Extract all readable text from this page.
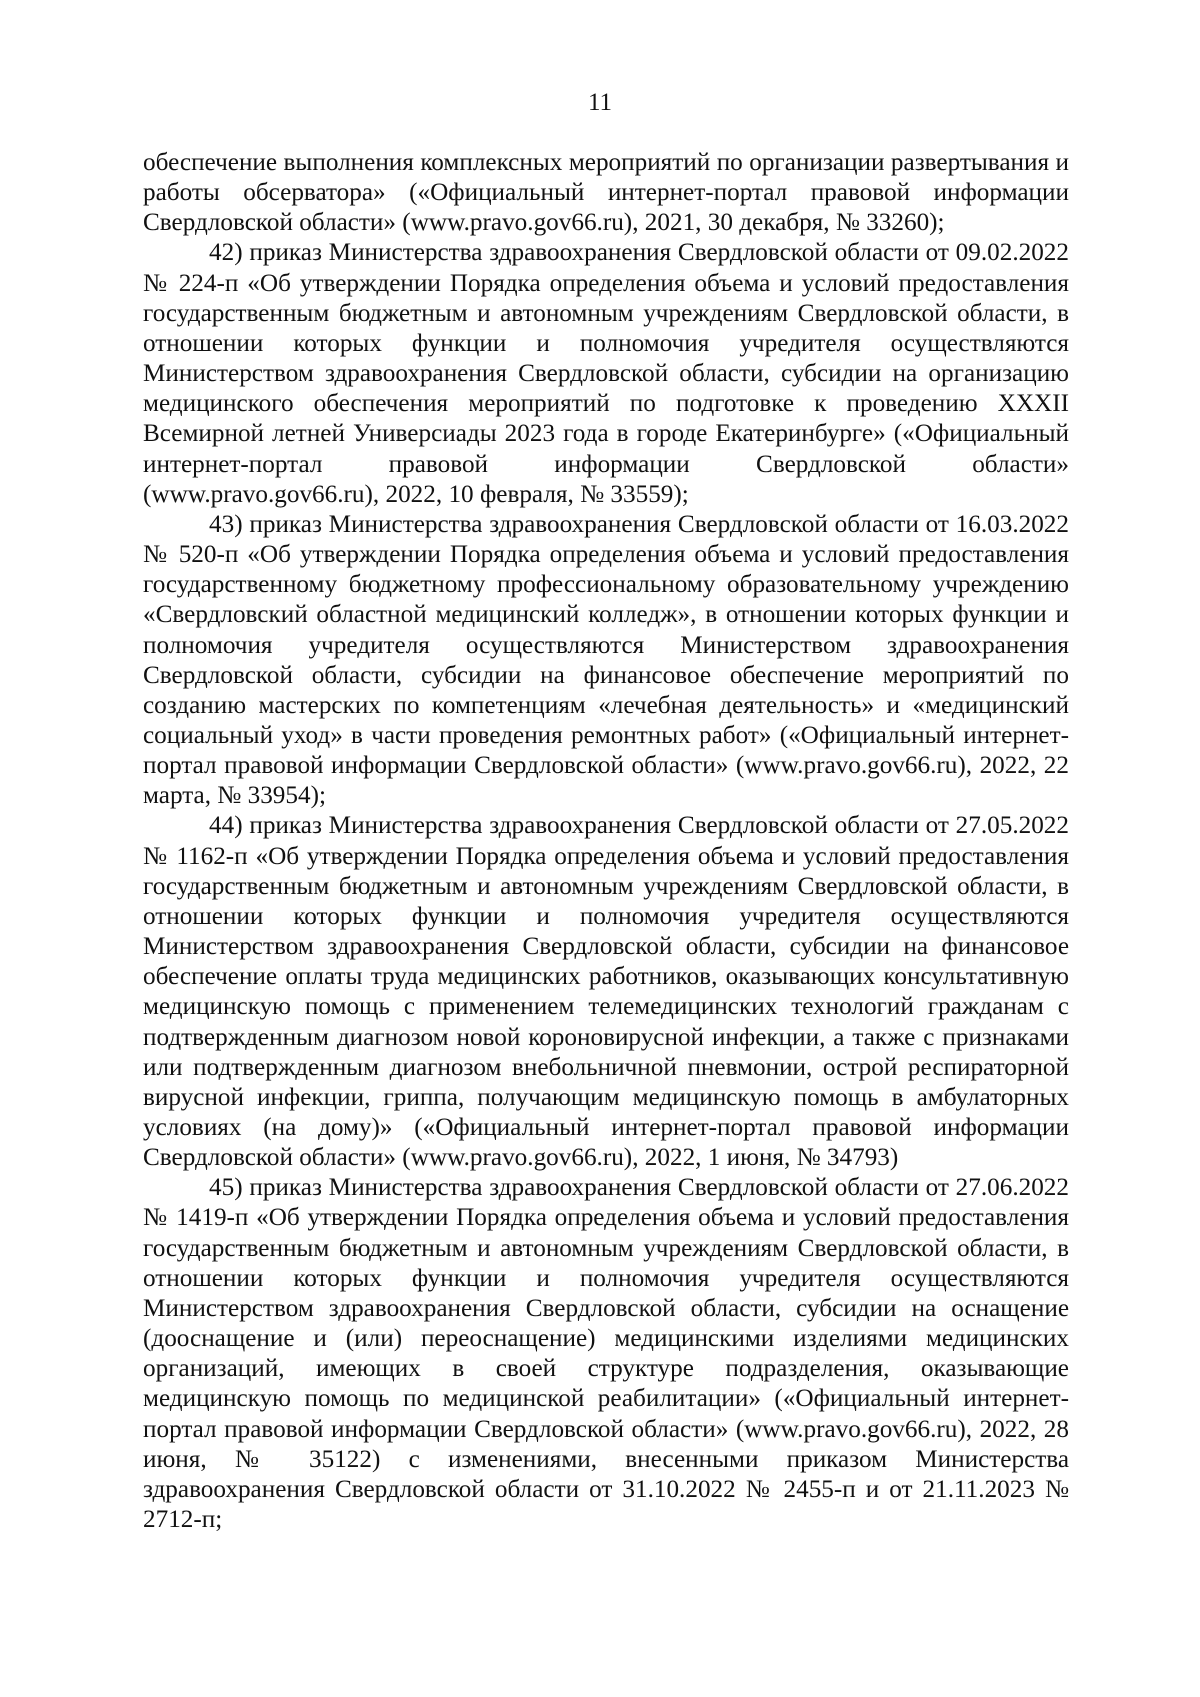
11

обеспечение выполнения комплексных мероприятий по организации развертывания и работы обсерватора» («Официальный интернет-портал правовой информации Свердловской области» (www.pravo.gov66.ru), 2021, 30 декабря, № 33260);

42) приказ Министерства здравоохранения Свердловской области от 09.02.2022 № 224-п «Об утверждении Порядка определения объема и условий предоставления государственным бюджетным и автономным учреждениям Свердловской области, в отношении которых функции и полномочия учредителя осуществляются Министерством здравоохранения Свердловской области, субсидии на организацию медицинского обеспечения мероприятий по подготовке к проведению XXXII Всемирной летней Универсиады 2023 года в городе Екатеринбурге» («Официальный интернет-портал правовой информации Свердловской области» (www.pravo.gov66.ru), 2022, 10 февраля, № 33559);

43) приказ Министерства здравоохранения Свердловской области от 16.03.2022 № 520-п «Об утверждении Порядка определения объема и условий предоставления государственному бюджетному профессиональному образовательному учреждению «Свердловский областной медицинский колледж», в отношении которых функции и полномочия учредителя осуществляются Министерством здравоохранения Свердловской области, субсидии на финансовое обеспечение мероприятий по созданию мастерских по компетенциям «лечебная деятельность» и «медицинский социальный уход» в части проведения ремонтных работ» («Официальный интернет-портал правовой информации Свердловской области» (www.pravo.gov66.ru), 2022, 22 марта, № 33954);

44) приказ Министерства здравоохранения Свердловской области от 27.05.2022 № 1162-п «Об утверждении Порядка определения объема и условий предоставления государственным бюджетным и автономным учреждениям Свердловской области, в отношении которых функции и полномочия учредителя осуществляются Министерством здравоохранения Свердловской области, субсидии на финансовое обеспечение оплаты труда медицинских работников, оказывающих консультативную медицинскую помощь с применением телемедицинских технологий гражданам с подтвержденным диагнозом новой короновирусной инфекции, а также с признаками или подтвержденным диагнозом внебольничной пневмонии, острой респираторной вирусной инфекции, гриппа, получающим медицинскую помощь в амбулаторных условиях (на дому)» («Официальный интернет-портал правовой информации Свердловской области» (www.pravo.gov66.ru), 2022, 1 июня, № 34793)

45) приказ Министерства здравоохранения Свердловской области от 27.06.2022 № 1419-п «Об утверждении Порядка определения объема и условий предоставления государственным бюджетным и автономным учреждениям Свердловской области, в отношении которых функции и полномочия учредителя осуществляются Министерством здравоохранения Свердловской области, субсидии на оснащение (дооснащение и (или) переоснащение) медицинскими изделиями медицинских организаций, имеющих в своей структуре подразделения, оказывающие медицинскую помощь по медицинской реабилитации» («Официальный интернет-портал правовой информации Свердловской области» (www.pravo.gov66.ru), 2022, 28 июня, № 35122) с изменениями, внесенными приказом Министерства здравоохранения Свердловской области от 31.10.2022 № 2455-п и от 21.11.2023 № 2712-п;
